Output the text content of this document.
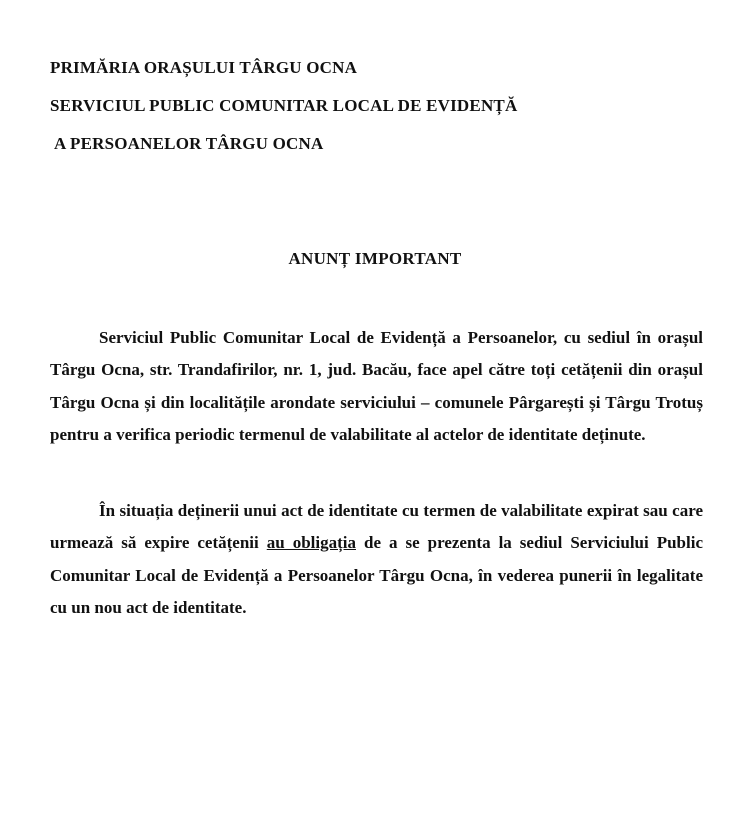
PRIMĂRIA ORAȘULUI TÂRGU OCNA
SERVICIUL PUBLIC COMUNITAR LOCAL DE EVIDENȚĂ
A PERSOANELOR TÂRGU OCNA
ANUNȚ IMPORTANT
Serviciul Public Comunitar Local de Evidență a Persoanelor, cu sediul în orașul Târgu Ocna, str. Trandafirilor, nr. 1, jud. Bacău, face apel către toți cetățenii din orașul Târgu Ocna și din localitățile arondate serviciului – comunele Pârgarești și Târgu Trotuș pentru a verifica periodic termenul de valabilitate al actelor de identitate deținute.
În situația deținerii unui act de identitate cu termen de valabilitate expirat sau care urmează să expire cetățenii au obligația de a se prezenta la sediul Serviciului Public Comunitar Local de Evidență a Persoanelor Târgu Ocna, în vederea punerii în legalitate cu un nou act de identitate.
